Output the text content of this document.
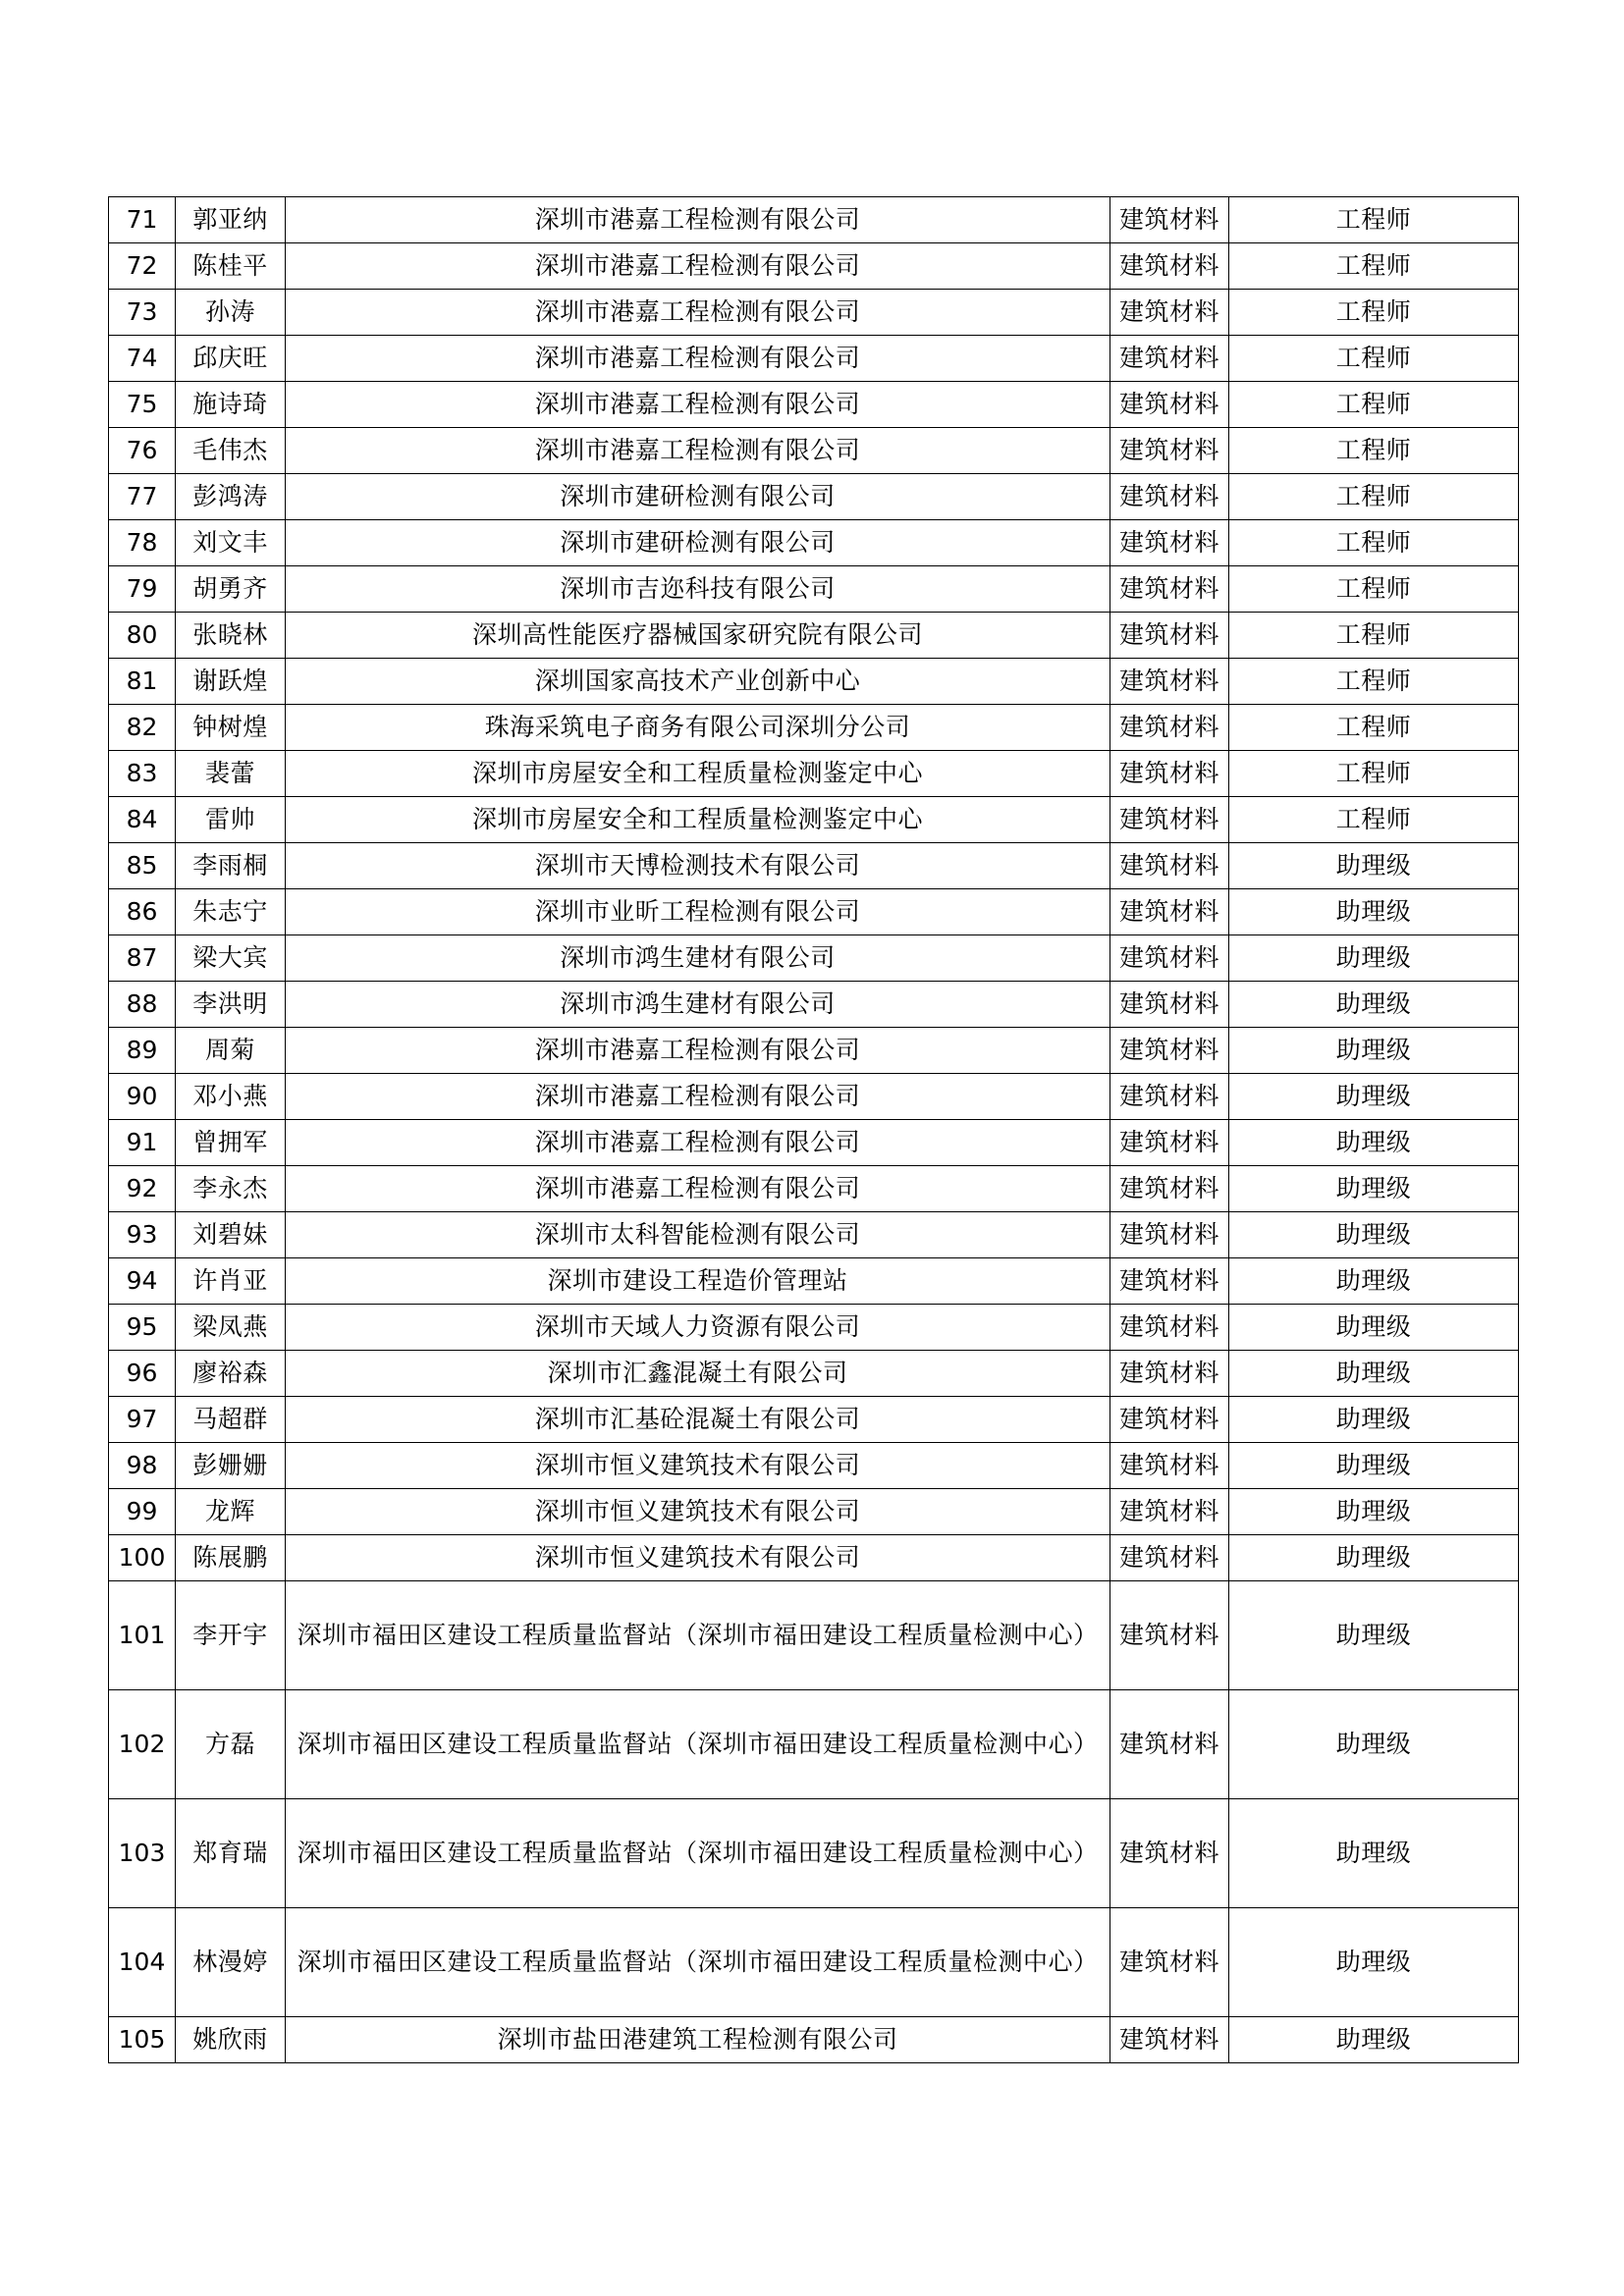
71	郭亚纳	深圳市港嘉工程检测有限公司	建筑材料	工程师
72	陈桂平	深圳市港嘉工程检测有限公司	建筑材料	工程师
73	孙涛	深圳市港嘉工程检测有限公司	建筑材料	工程师
74	邱庆旺	深圳市港嘉工程检测有限公司	建筑材料	工程师
75	施诗琦	深圳市港嘉工程检测有限公司	建筑材料	工程师
76	毛伟杰	深圳市港嘉工程检测有限公司	建筑材料	工程师
77	彭鸿涛	深圳市建研检测有限公司	建筑材料	工程师
78	刘文丰	深圳市建研检测有限公司	建筑材料	工程师
79	胡勇齐	深圳市吉迩科技有限公司	建筑材料	工程师
80	张晓林	深圳高性能医疗器械国家研究院有限公司	建筑材料	工程师
81	谢跃煌	深圳国家高技术产业创新中心	建筑材料	工程师
82	钟树煌	珠海采筑电子商务有限公司深圳分公司	建筑材料	工程师
83	裴蕾	深圳市房屋安全和工程质量检测鉴定中心	建筑材料	工程师
84	雷帅	深圳市房屋安全和工程质量检测鉴定中心	建筑材料	工程师
85	李雨桐	深圳市天博检测技术有限公司	建筑材料	助理级
86	朱志宁	深圳市业昕工程检测有限公司	建筑材料	助理级
87	梁大宾	深圳市鸿生建材有限公司	建筑材料	助理级
88	李洪明	深圳市鸿生建材有限公司	建筑材料	助理级
89	周菊	深圳市港嘉工程检测有限公司	建筑材料	助理级
90	邓小燕	深圳市港嘉工程检测有限公司	建筑材料	助理级
91	曾拥军	深圳市港嘉工程检测有限公司	建筑材料	助理级
92	李永杰	深圳市港嘉工程检测有限公司	建筑材料	助理级
93	刘碧妹	深圳市太科智能检测有限公司	建筑材料	助理级
94	许肖亚	深圳市建设工程造价管理站	建筑材料	助理级
95	梁凤燕	深圳市天域人力资源有限公司	建筑材料	助理级
96	廖裕森	深圳市汇鑫混凝土有限公司	建筑材料	助理级
97	马超群	深圳市汇基砼混凝土有限公司	建筑材料	助理级
98	彭姗姗	深圳市恒义建筑技术有限公司	建筑材料	助理级
99	龙辉	深圳市恒义建筑技术有限公司	建筑材料	助理级
100	陈展鹏	深圳市恒义建筑技术有限公司	建筑材料	助理级
101	李开宇	深圳市福田区建设工程质量监督站（深圳市福田建设工程质量检测中心）	建筑材料	助理级
102	方磊	深圳市福田区建设工程质量监督站（深圳市福田建设工程质量检测中心）	建筑材料	助理级
103	郑育瑞	深圳市福田区建设工程质量监督站（深圳市福田建设工程质量检测中心）	建筑材料	助理级
104	林漫婷	深圳市福田区建设工程质量监督站（深圳市福田建设工程质量检测中心）	建筑材料	助理级
105	姚欣雨	深圳市盐田港建筑工程检测有限公司	建筑材料	助理级
